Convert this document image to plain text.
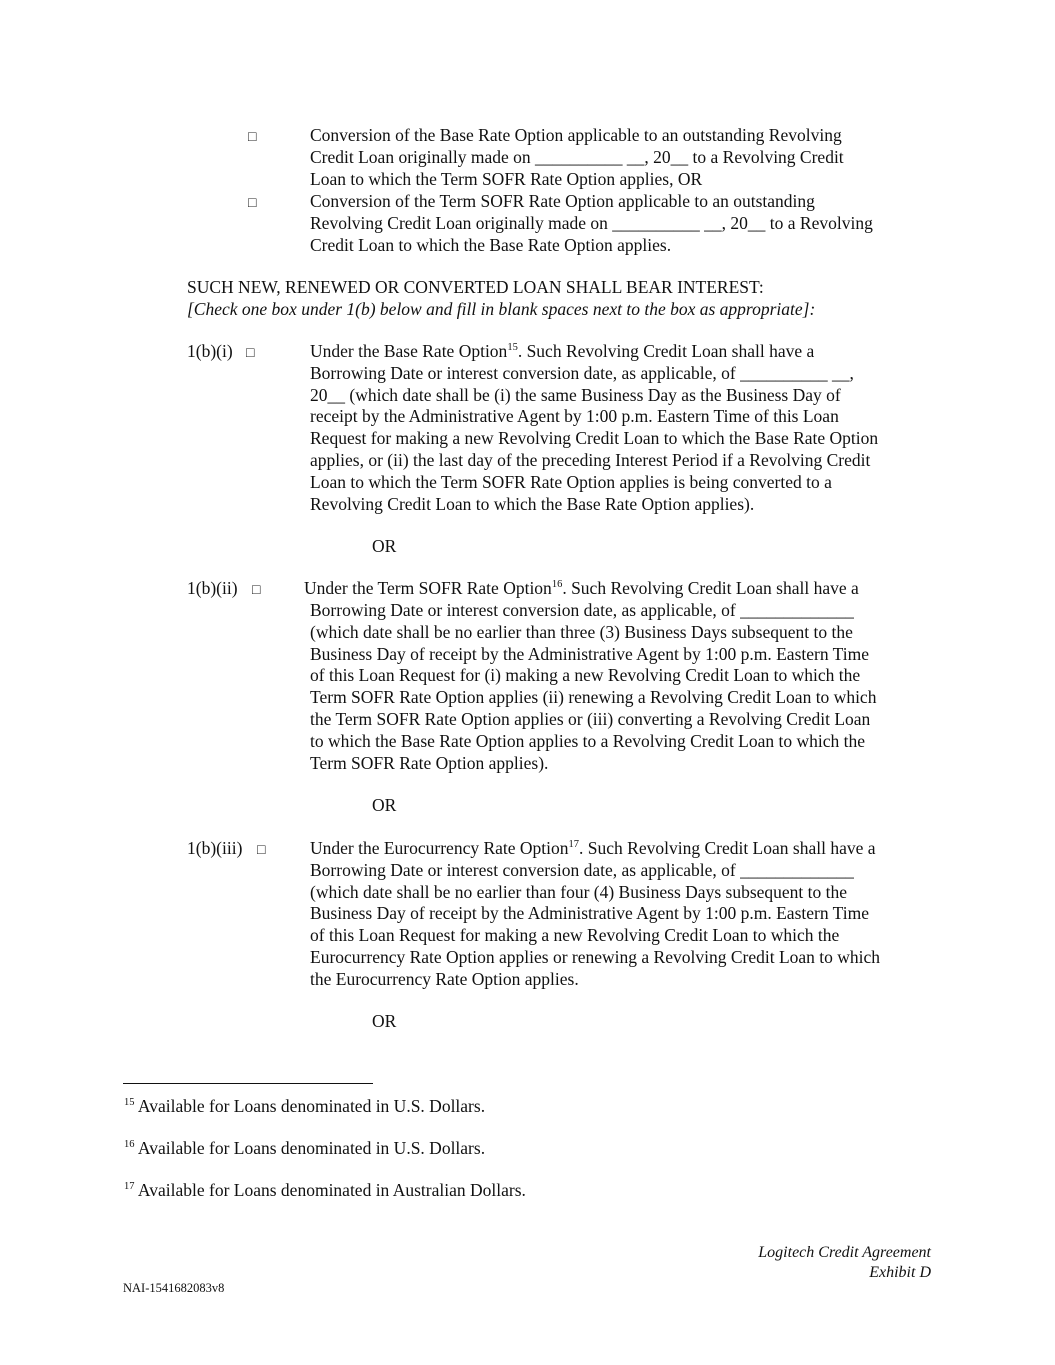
□	Conversion of the Base Rate Option applicable to an outstanding Revolving
Credit Loan originally made on __________ __, 20__ to a Revolving Credit
Loan to which the Term SOFR Rate Option applies, OR
□	Conversion of the Term SOFR Rate Option applicable to an outstanding
Revolving Credit Loan originally made on __________ __, 20__ to a Revolving
Credit Loan to which the Base Rate Option applies.
SUCH NEW, RENEWED OR CONVERTED LOAN SHALL BEAR INTEREST:
[Check one box under 1(b) below and fill in blank spaces next to the box as appropriate]:
1(b)(i) □	Under the Base Rate Option$^{15}$. Such Revolving Credit Loan shall have a
Borrowing Date or interest conversion date, as applicable, of __________ __,
20__ (which date shall be (i) the same Business Day as the Business Day of
receipt by the Administrative Agent by 1:00 p.m. Eastern Time of this Loan
Request for making a new Revolving Credit Loan to which the Base Rate Option
applies, or (ii) the last day of the preceding Interest Period if a Revolving Credit
Loan to which the Term SOFR Rate Option applies is being converted to a
Revolving Credit Loan to which the Base Rate Option applies).
OR
1(b)(ii) □ Under the Term SOFR Rate Option$^{16}$. Such Revolving Credit Loan shall have a
Borrowing Date or interest conversion date, as applicable, of _____________
(which date shall be no earlier than three (3) Business Days subsequent to the
Business Day of receipt by the Administrative Agent by 1:00 p.m. Eastern Time
of this Loan Request for (i) making a new Revolving Credit Loan to which the
Term SOFR Rate Option applies (ii) renewing a Revolving Credit Loan to which
the Term SOFR Rate Option applies or (iii) converting a Revolving Credit Loan
to which the Base Rate Option applies to a Revolving Credit Loan to which the
Term SOFR Rate Option applies).
OR
1(b)(iii) □	Under the Eurocurrency Rate Option$^{17}$. Such Revolving Credit Loan shall have a
Borrowing Date or interest conversion date, as applicable, of _____________
(which date shall be no earlier than four (4) Business Days subsequent to the
Business Day of receipt by the Administrative Agent by 1:00 p.m. Eastern Time
of this Loan Request for making a new Revolving Credit Loan to which the
Eurocurrency Rate Option applies or renewing a Revolving Credit Loan to which
the Eurocurrency Rate Option applies.
OR
$^{15}$ Available for Loans denominated in U.S. Dollars.
$^{16}$ Available for Loans denominated in U.S. Dollars.
$^{17}$ Available for Loans denominated in Australian Dollars.
Logitech Credit Agreement
Exhibit D
NAI-1541682083v8
